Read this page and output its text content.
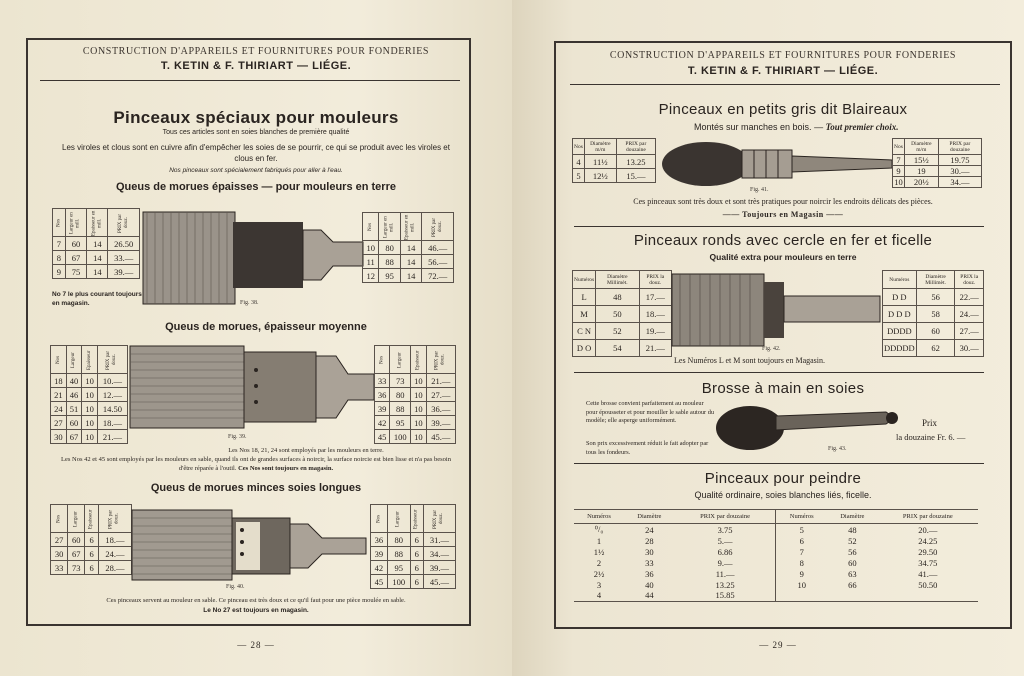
CONSTRUCTION D'APPAREILS ET FOURNITURES POUR FONDERIES
T. KETIN & F. THIRIART — LIÉGE.
Pinceaux spéciaux pour mouleurs
Tous ces articles sont en soies blanches de première qualité
Les viroles et clous sont en cuivre afin d'empêcher les soies de se pourrir, ce qui se produit avec les viroles et clous en fer.
Nos pinceaux sont spécialement fabriqués pour aller à l'eau.
Queus de morues épaisses — pour mouleurs en terre
Nos	Largeur en mill.	Epaisseur en mill.	PRIX par douz.
7	60	14	26.50
8	67	14	33.—
9	75	14	39.—
No 7 le plus courant toujours en magasin.	Fig. 38.
Nos	Largeur en mill.	Epaisseur en mill.	PRIX par douz.
10	80	14	46.—
11	88	14	56.—
12	95	14	72.—
Queus de morues, épaisseur moyenne
Nos	Largeur	Epaisseur	PRIX par douz.
18	40	10	10.—
21	46	10	12.—
24	51	10	14.50
27	60	10	18.—
30	67	10	21.—	Fig. 39.
Nos	Largeur	Epaisseur	PRIX par douz.
33	73	10	21.—
36	80	10	27.—
39	88	10	36.—
42	95	10	39.—
45	100	10	45.—
Les Nos 18, 21, 24 sont employés par les mouleurs en terre.
Les Nos 42 et 45 sont employés par les mouleurs en sable, quand ils ont de grandes surfaces à noircir, la surface noircie est bien lisse et n'a pas besoin d'être réparée à l'outil. Ces Nos sont toujours en magasin.
Queus de morues minces soies longues
Nos	Largeur	Epaisseur	PRIX par douz.
27	60	6	18.—
30	67	6	24.—
33	73	6	28.—
Fig. 40.
Nos	Largeur	Epaisseur	PRIX par douz.
36	80	6	31.—
39	88	6	34.—
42	95	6	39.—
45	100	6	45.—
Ces pinceaux servent au mouleur en sable. Ce pinceau est très doux et ce qu'il faut pour une pièce moulée en sable.
Le No 27 est toujours en magasin.
— 28 —
CONSTRUCTION D'APPAREILS ET FOURNITURES POUR FONDERIES
T. KETIN & F. THIRIART — LIÉGE.
Pinceaux en petits gris dit Blaireaux
Montés sur manches en bois. — Tout premier choix.
Nos	Diamètre m/m	PRIX par douzaine
4	11½	13.25
5	12½	15.—
Fig. 41.
Nos	Diamètre m/m	PRIX par douzaine
7	15½	19.75
9	19	30.—
10	20½	34.—
Ces pinceaux sont très doux et sont très pratiques pour noircir les endroits délicats des pièces.
—— Toujours en Magasin ——
Pinceaux ronds avec cercle en fer et ficelle
Qualité extra pour mouleurs en terre
Numéros	Diamètre Millimèt.	PRIX la douz.
L	48	17.—
M	50	18.—
C N	52	19.—
D O	54	21.—	Fig. 42.
Les Numéros L et M sont toujours en Magasin.
Numéros	Diamètre Millimèt.	PRIX la douz.
D D	56	22.—
D D D	58	24.—
DDDD	60	27.—
DDDDD	62	30.—
Brosse à main en soies
Cette brosse convient parfaitement au mouleur pour épousseter et pour mouiller le sable autour du modèle; elle asperge uniformément.
Son prix excessivement réduit le fait adopter par tous les fondeurs.	Fig. 43.
Prix
la douzaine Fr. 6. —
Pinceaux pour peindre
Qualité ordinaire, soies blanches liés, ficelle.
Numéros	Diamètre	PRIX par douzaine	Numéros	Diamètre	PRIX par douzaine
⁰/₀	24	3.75	5	48	20.—
1	28	5.—	6	52	24.25
1½	30	6.86	7	56	29.50
2	33	9.—	8	60	34.75
2½	36	11.—	9	63	41.—
3	40	13.25	10	66	50.50
4	44	15.85			
— 29 —
